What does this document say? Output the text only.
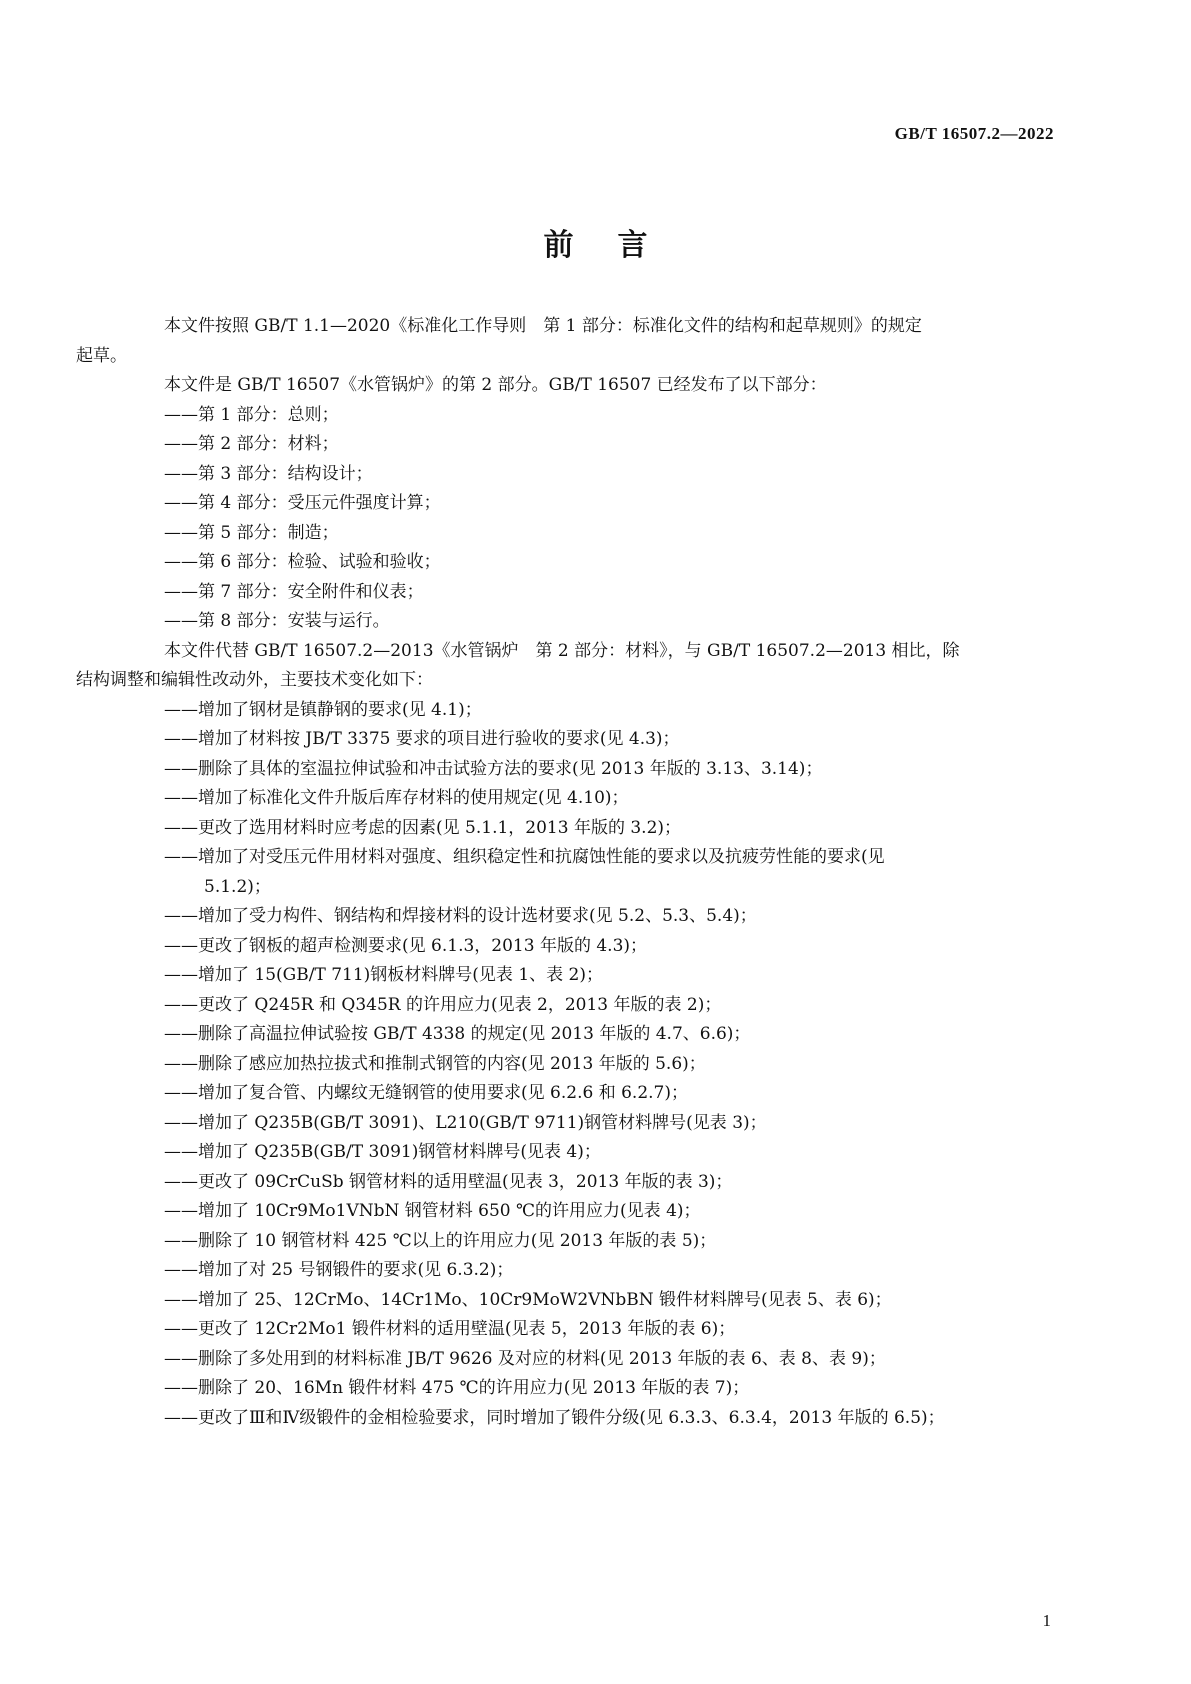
GB/T 16507.2—2022
前言

本文件按照 GB/T 1.1—2020《标准化工作导则　第 1 部分：标准化文件的结构和起草规则》的规定
起草。

本文件是 GB/T 16507《水管锅炉》的第 2 部分。GB/T 16507 已经发布了以下部分：

——第 1 部分：总则；

——第 2 部分：材料；

——第 3 部分：结构设计；

——第 4 部分：受压元件强度计算；

——第 5 部分：制造；

——第 6 部分：检验、试验和验收；

——第 7 部分：安全附件和仪表；

——第 8 部分：安装与运行。

本文件代替 GB/T 16507.2—2013《水管锅炉　第 2 部分：材料》，与 GB/T 16507.2—2013 相比，除
结构调整和编辑性改动外，主要技术变化如下：

——增加了钢材是镇静钢的要求(见 4.1)；

——增加了材料按 JB/T 3375 要求的项目进行验收的要求(见 4.3)；

——删除了具体的室温拉伸试验和冲击试验方法的要求(见 2013 年版的 3.13、3.14)；

——增加了标准化文件升版后库存材料的使用规定(见 4.10)；

——更改了选用材料时应考虑的因素(见 5.1.1，2013 年版的 3.2)；

——增加了对受压元件用材料对强度、组织稳定性和抗腐蚀性能的要求以及抗疲劳性能的要求(见
5.1.2)；

——增加了受力构件、钢结构和焊接材料的设计选材要求(见 5.2、5.3、5.4)；

——更改了钢板的超声检测要求(见 6.1.3，2013 年版的 4.3)；

——增加了 15(GB/T 711)钢板材料牌号(见表 1、表 2)；

——更改了 Q245R 和 Q345R 的许用应力(见表 2，2013 年版的表 2)；

——删除了高温拉伸试验按 GB/T 4338 的规定(见 2013 年版的 4.7、6.6)；

——删除了感应加热拉拔式和推制式钢管的内容(见 2013 年版的 5.6)；

——增加了复合管、内螺纹无缝钢管的使用要求(见 6.2.6 和 6.2.7)；

——增加了 Q235B(GB/T 3091)、L210(GB/T 9711)钢管材料牌号(见表 3)；

——增加了 Q235B(GB/T 3091)钢管材料牌号(见表 4)；

——更改了 09CrCuSb 钢管材料的适用壁温(见表 3，2013 年版的表 3)；

——增加了 10Cr9Mo1VNbN 钢管材料 650 ℃的许用应力(见表 4)；

——删除了 10 钢管材料 425 ℃以上的许用应力(见 2013 年版的表 5)；

——增加了对 25 号钢锻件的要求(见 6.3.2)；

——增加了 25、12CrMo、14Cr1Mo、10Cr9MoW2VNbBN 锻件材料牌号(见表 5、表 6)；

——更改了 12Cr2Mo1 锻件材料的适用壁温(见表 5，2013 年版的表 6)；

——删除了多处用到的材料标准 JB/T 9626 及对应的材料(见 2013 年版的表 6、表 8、表 9)；

——删除了 20、16Mn 锻件材料 475 ℃的许用应力(见 2013 年版的表 7)；

——更改了Ⅲ和Ⅳ级锻件的金相检验要求，同时增加了锻件分级(见 6.3.3、6.3.4，2013 年版的 6.5)；

1
